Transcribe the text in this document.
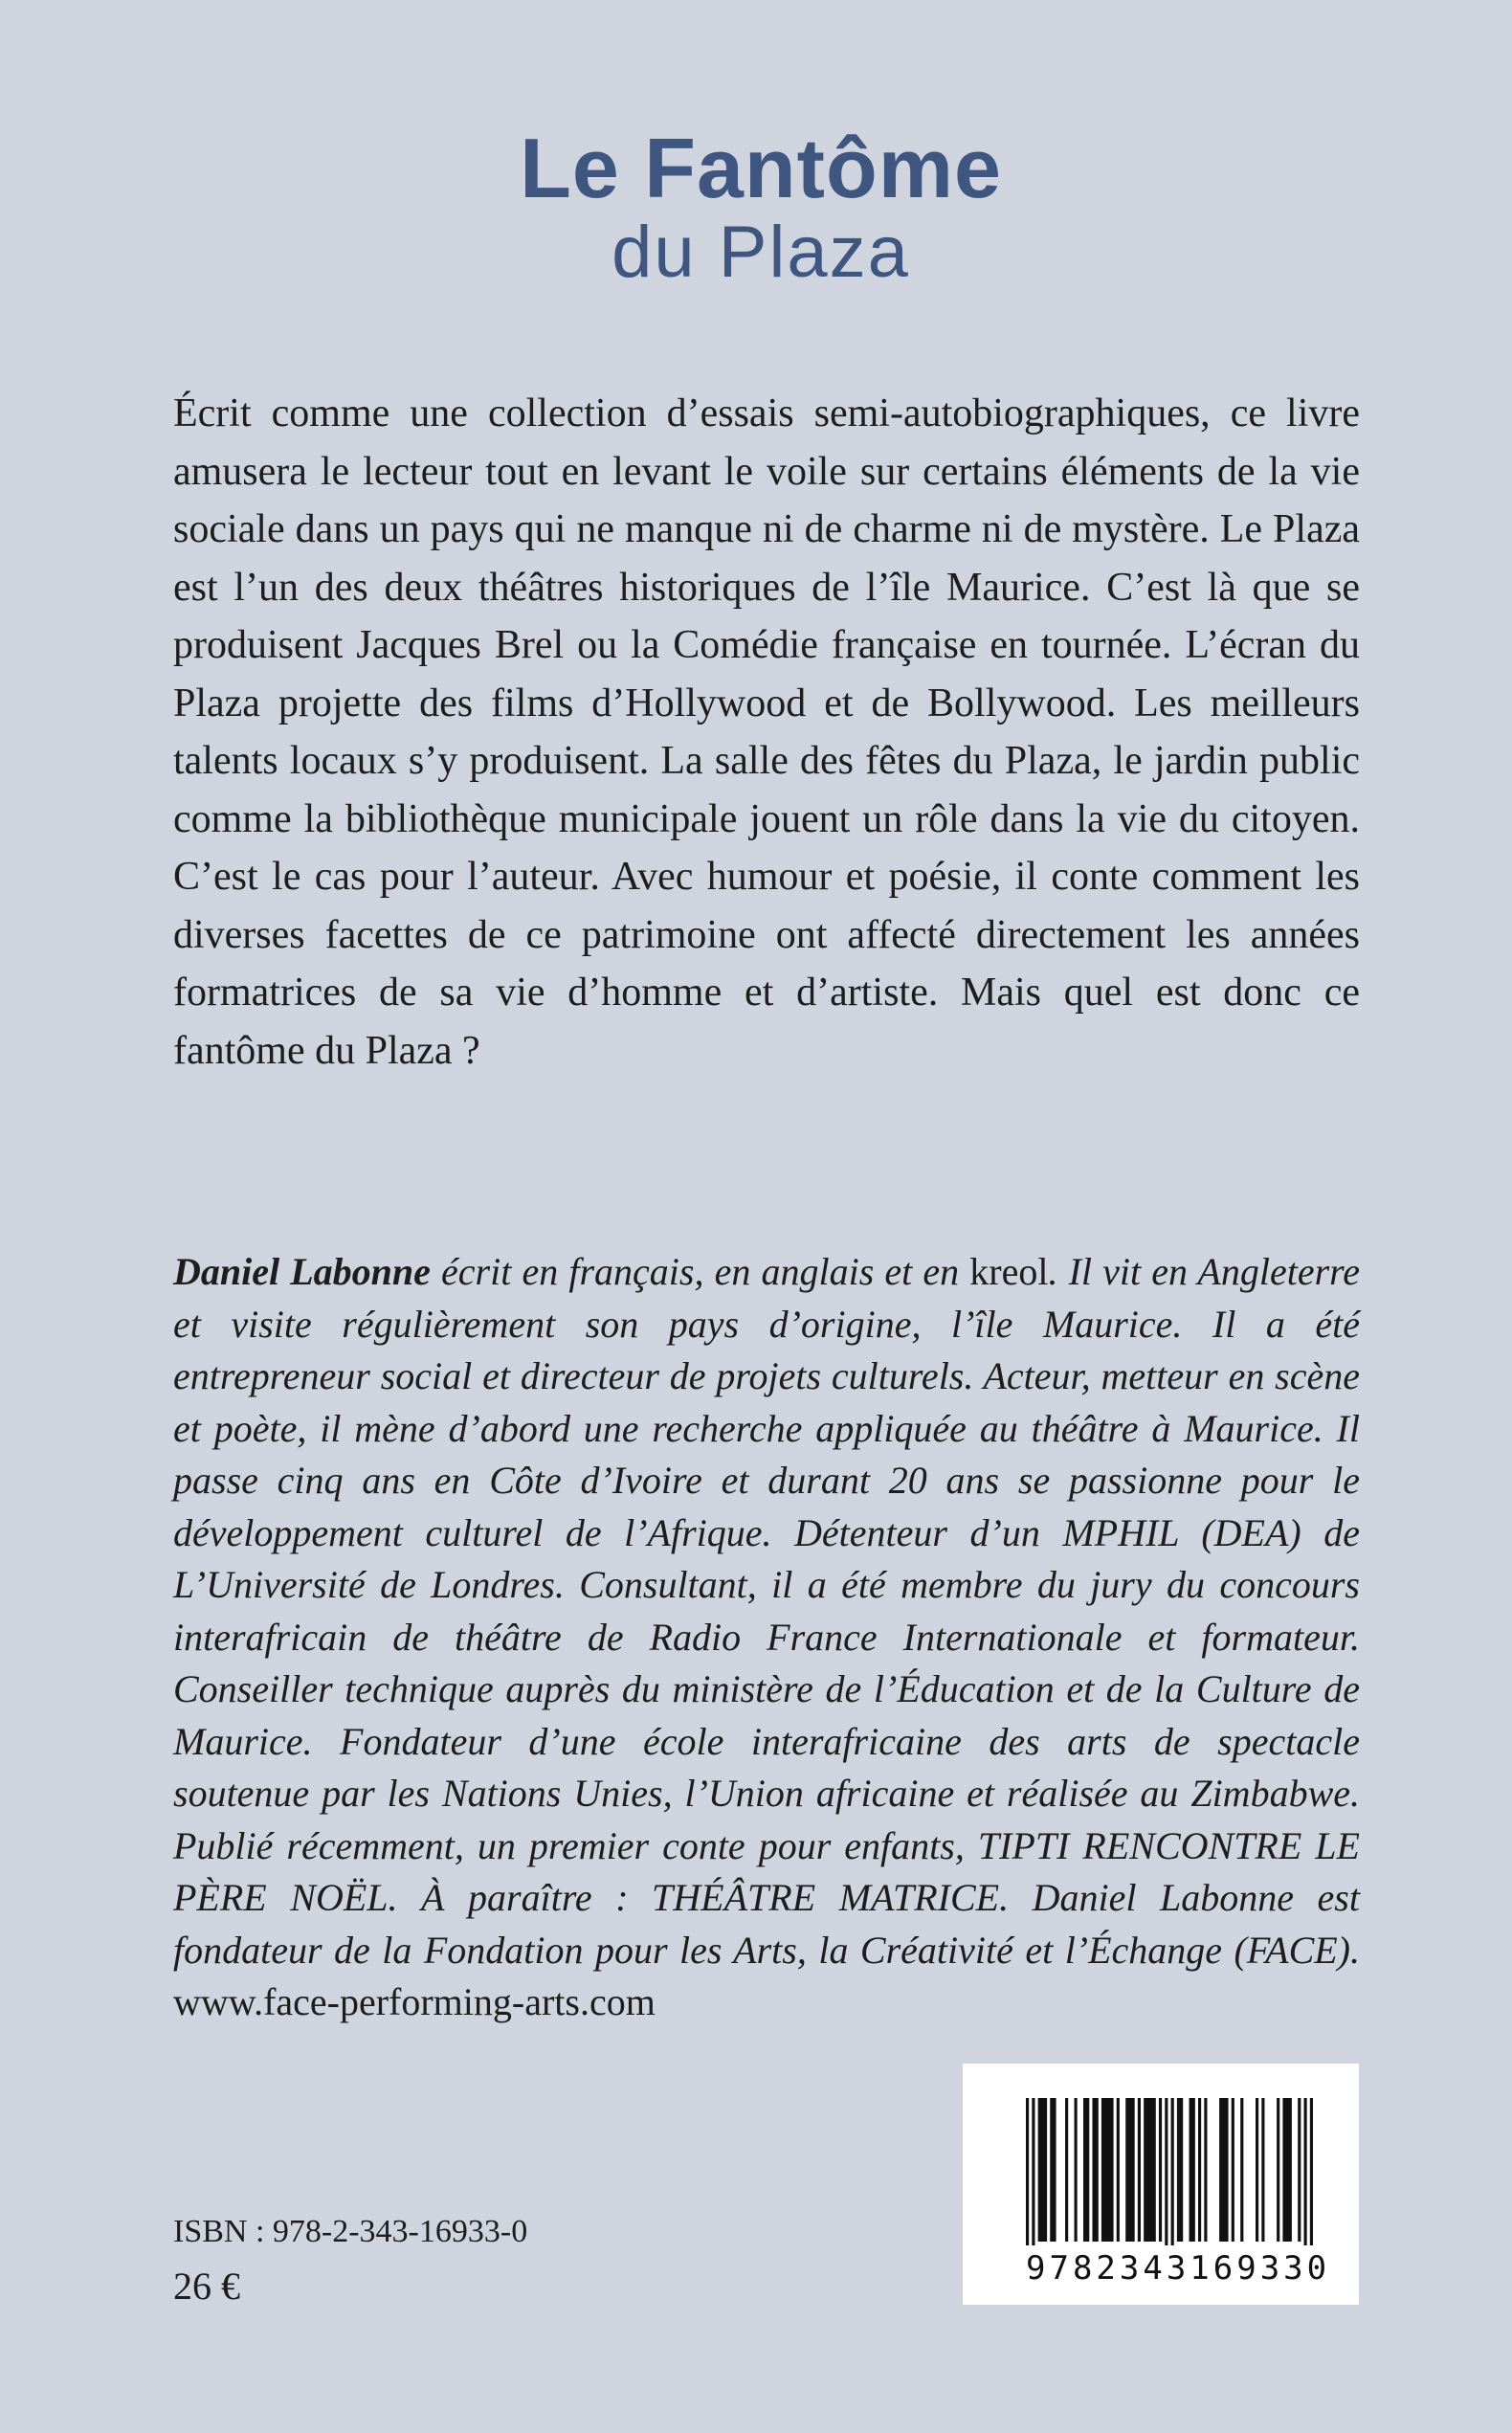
Le Fantôme
du Plaza

Écrit comme une collection d’essais semi-autobiographiques, ce livre amusera le lecteur tout en levant le voile sur certains éléments de la vie sociale dans un pays qui ne manque ni de charme ni de mystère. Le Plaza est l’un des deux théâtres historiques de l’île Maurice. C’est là que se produisent Jacques Brel ou la Comédie française en tournée. L’écran du Plaza projette des films d’Hollywood et de Bollywood. Les meilleurs talents locaux s’y produisent. La salle des fêtes du Plaza, le jardin public comme la bibliothèque municipale jouent un rôle dans la vie du citoyen. C’est le cas pour l’auteur. Avec humour et poésie, il conte comment les diverses facettes de ce patrimoine ont affecté directement les années formatrices de sa vie d’homme et d’artiste. Mais quel est donc ce fantôme du Plaza ?

Daniel Labonne écrit en français, en anglais et en kreol. Il vit en Angleterre et visite régulièrement son pays d’origine, l’île Maurice. Il a été entrepreneur social et directeur de projets culturels. Acteur, metteur en scène et poète, il mène d’abord une recherche appliquée au théâtre à Maurice. Il passe cinq ans en Côte d’Ivoire et durant 20 ans se passionne pour le développement culturel de l’Afrique. Détenteur d’un MPHIL (DEA) de L’Université de Londres. Consultant, il a été membre du jury du concours interafricain de théâtre de Radio France Internationale et formateur. Conseiller technique auprès du ministère de l’Éducation et de la Culture de Maurice. Fondateur d’une école interafricaine des arts de spectacle soutenue par les Nations Unies, l’Union africaine et réalisée au Zimbabwe. Publié récemment, un premier conte pour enfants, TIPTI RENCONTRE LE PÈRE NOËL. À paraître : THÉÂTRE MATRICE. Daniel Labonne est fondateur de la Fondation pour les Arts, la Créativité et l’Échange (FACE). www.face-performing-arts.com

ISBN : 978-2-343-16933-0
26 €	9782343169330
